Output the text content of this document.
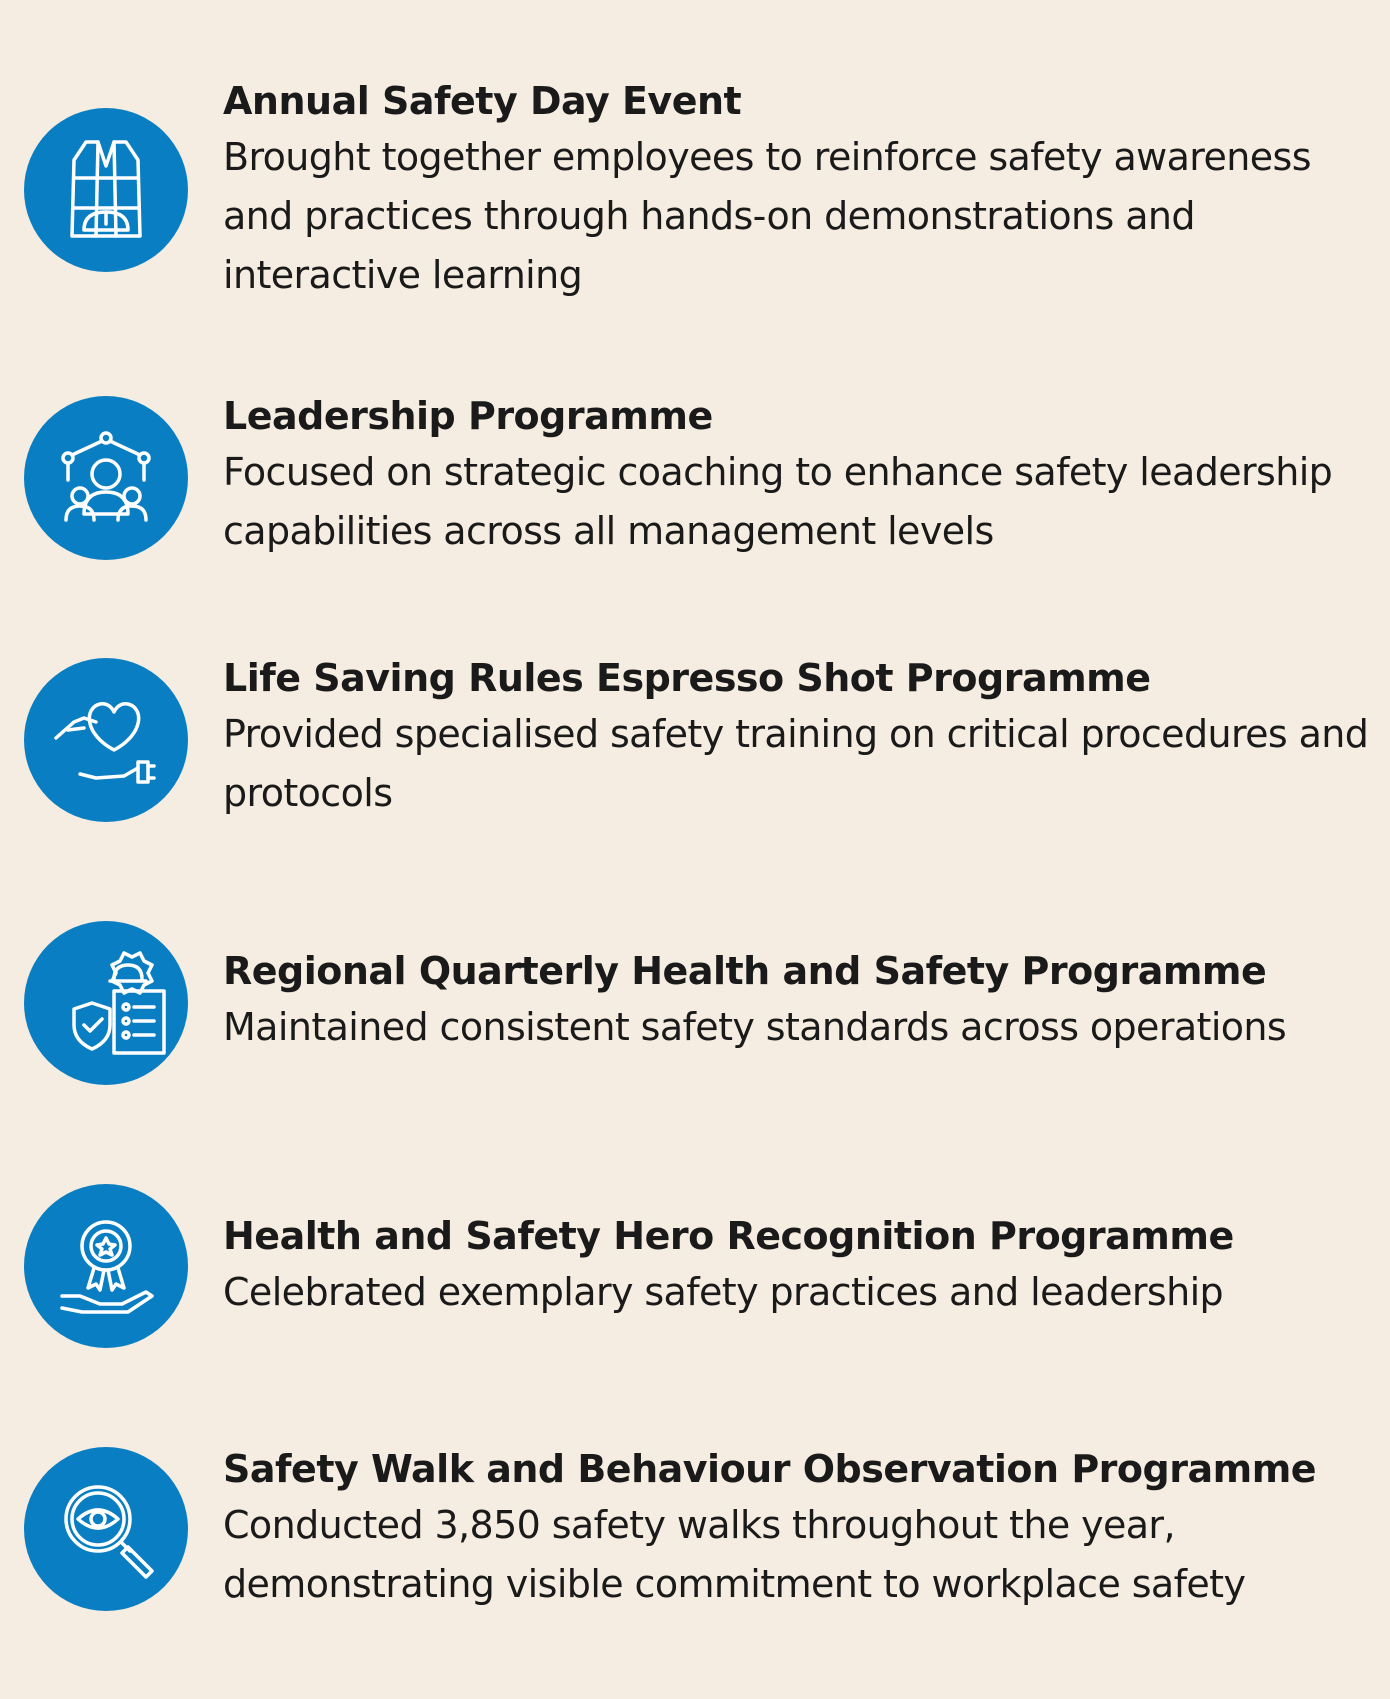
Annual Safety Day Event

Brought together employees to reinforce safety awareness and practices through hands-on demonstrations and interactive learning

Leadership Programme

Focused on strategic coaching to enhance safety leadership capabilities across all management levels

Life Saving Rules Espresso Shot Programme

Provided specialised safety training on critical procedures and protocols

Regional Quarterly Health and Safety Programme

Maintained consistent safety standards across operations

Health and Safety Hero Recognition Programme

Celebrated exemplary safety practices and leadership

Safety Walk and Behaviour Observation Programme

Conducted 3,850 safety walks throughout the year, demonstrating visible commitment to workplace safety
